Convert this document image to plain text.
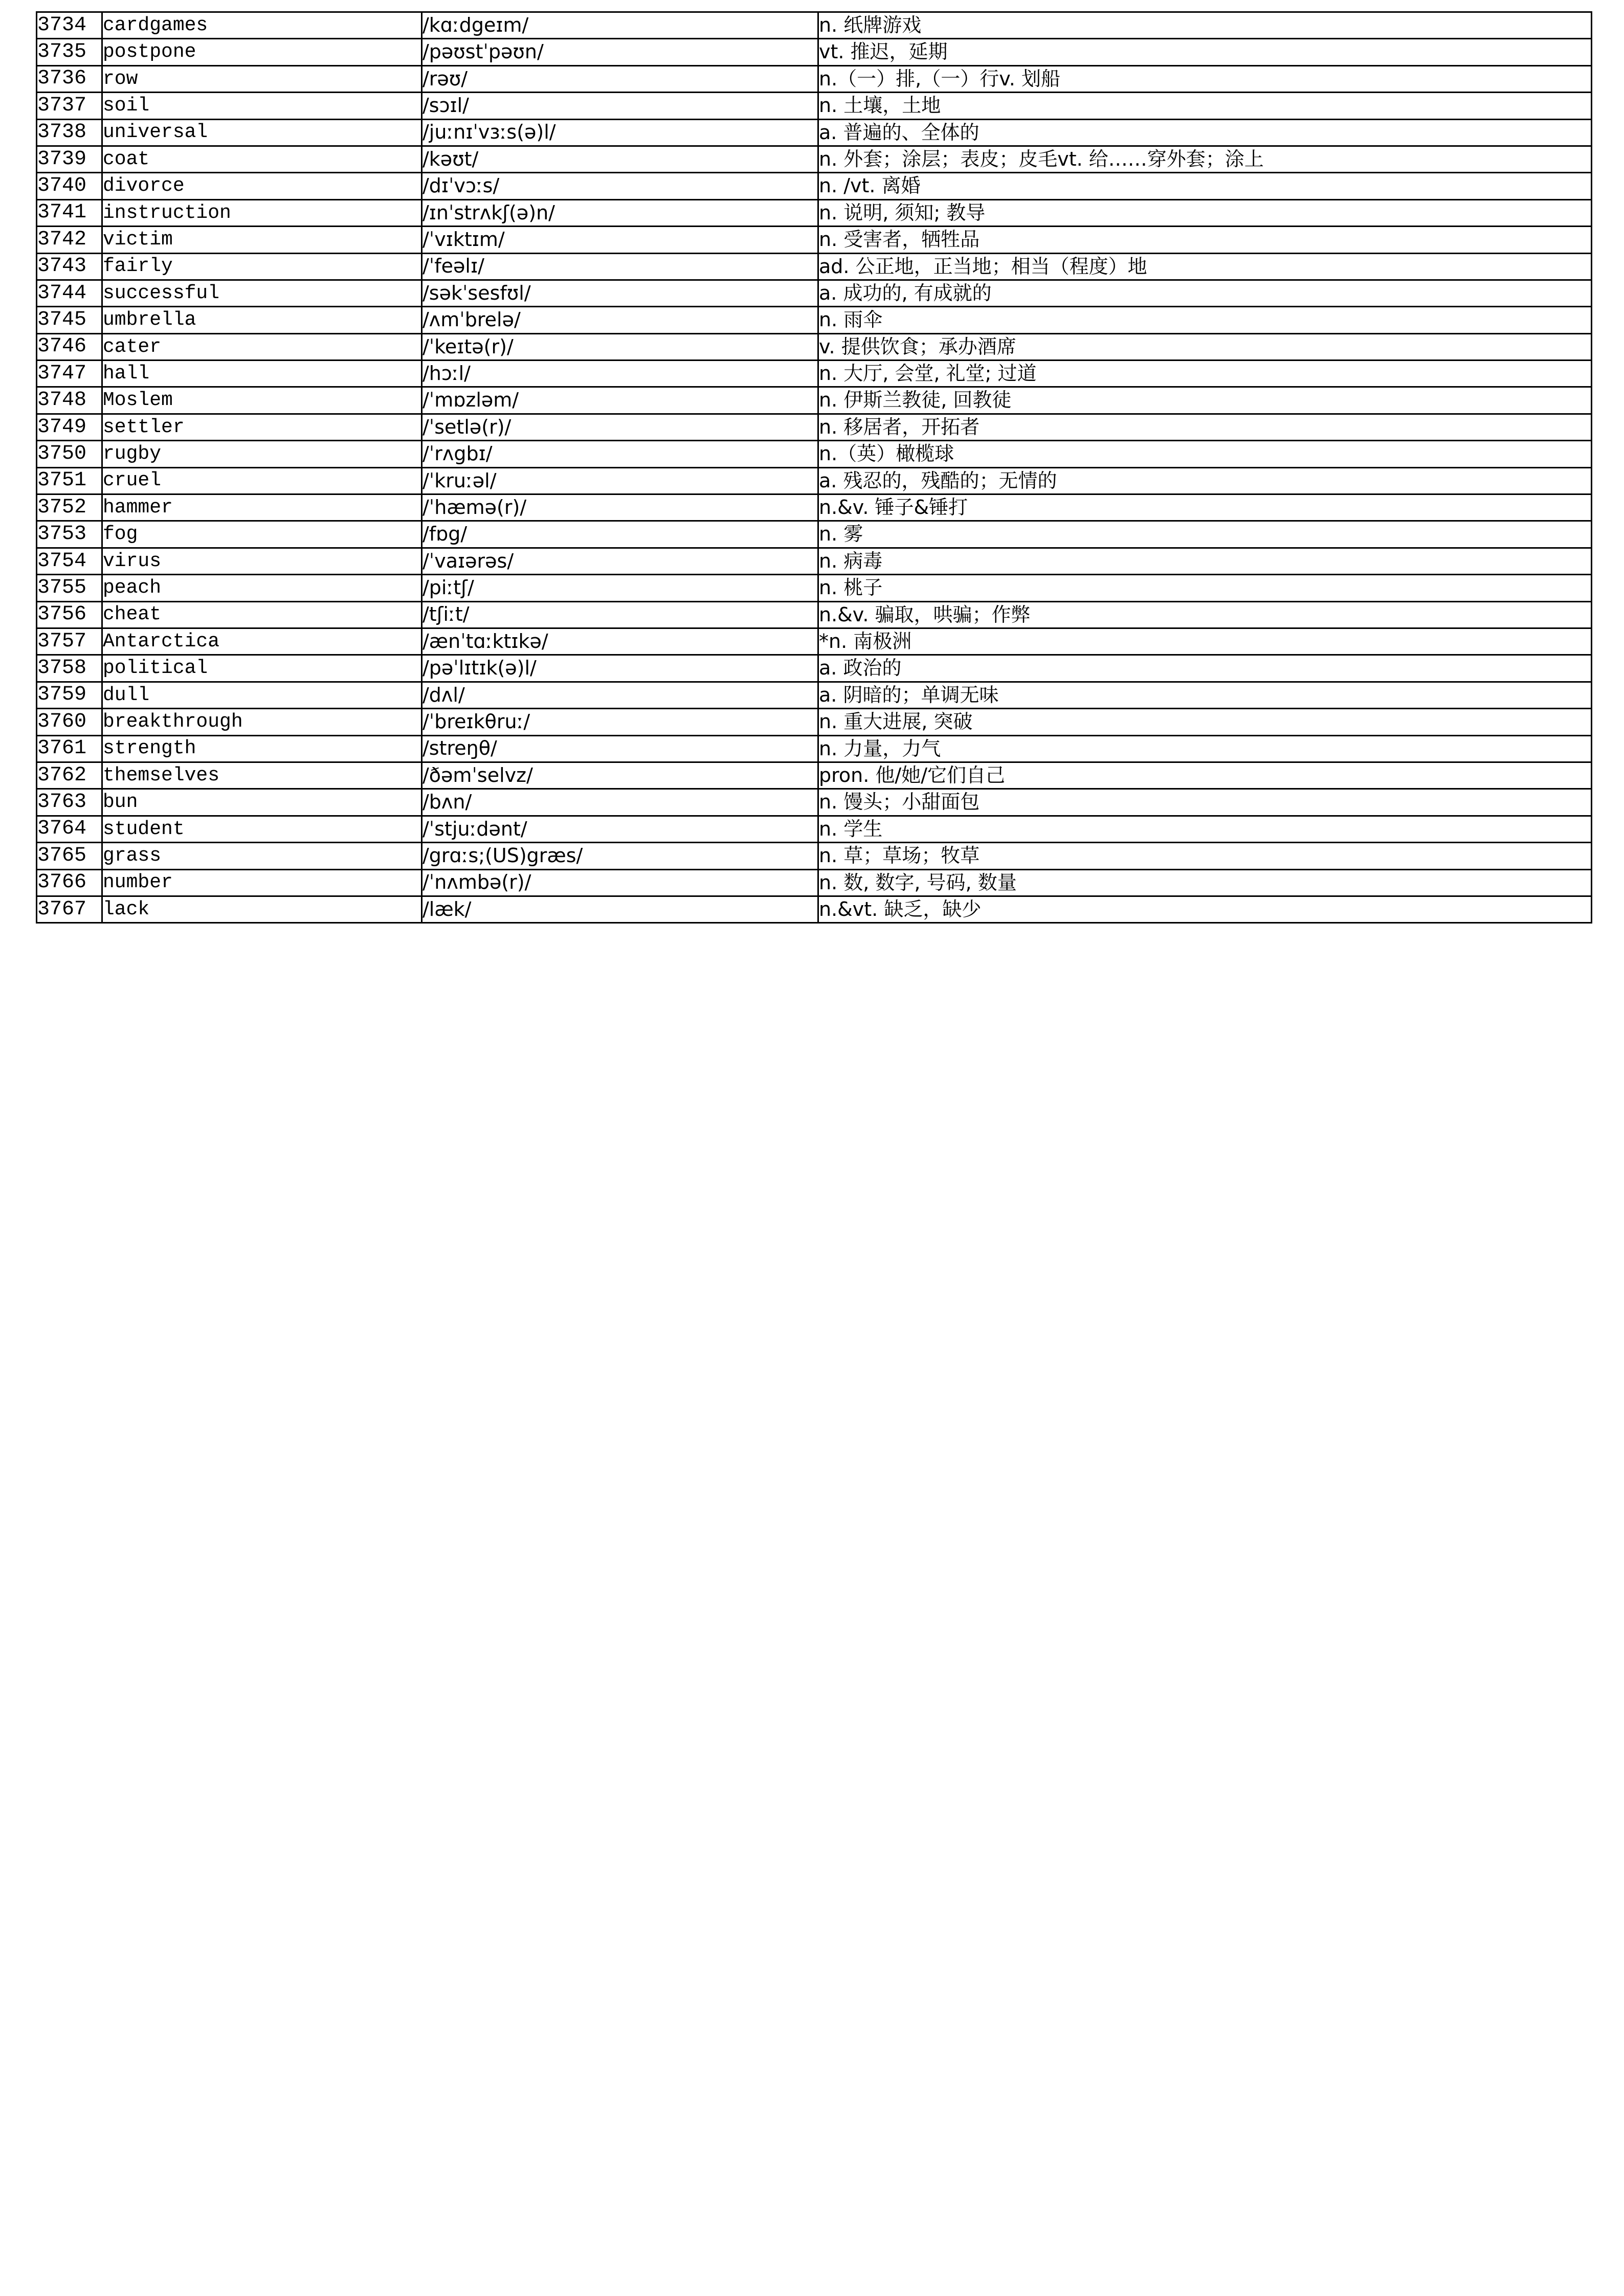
3734	cardgames	/kɑːdgeɪm/	n. 纸牌游戏
3735	postpone	/pəʊstˈpəʊn/	vt. 推迟，延期
3736	row	/rəʊ/	n.（一）排,（一）行v. 划船
3737	soil	/sɔɪl/	n. 土壤，土地
3738	universal	/juːnɪˈvɜːs(ə)l/	a. 普遍的、全体的
3739	coat	/kəʊt/	n. 外套；涂层；表皮；皮毛vt. 给……穿外套；涂上
3740	divorce	/dɪˈvɔːs/	n. /vt. 离婚
3741	instruction	/ɪnˈstrʌkʃ(ə)n/	n. 说明, 须知; 教导
3742	victim	/ˈvɪktɪm/	n. 受害者，牺牲品
3743	fairly	/ˈfeəlɪ/	ad. 公正地，正当地；相当（程度）地
3744	successful	/səkˈsesfʊl/	a. 成功的, 有成就的
3745	umbrella	/ʌmˈbrelə/	n. 雨伞
3746	cater	/ˈkeɪtə(r)/	v. 提供饮食；承办酒席
3747	hall	/hɔːl/	n. 大厅, 会堂, 礼堂; 过道
3748	Moslem	/ˈmɒzləm/	n. 伊斯兰教徒, 回教徒
3749	settler	/ˈsetlə(r)/	n. 移居者，开拓者
3750	rugby	/ˈrʌgbɪ/	n.（英）橄榄球
3751	cruel	/ˈkruːəl/	a. 残忍的，残酷的；无情的
3752	hammer	/ˈhæmə(r)/	n.&v. 锤子&锤打
3753	fog	/fɒg/	n. 雾
3754	virus	/ˈvaɪərəs/	n. 病毒
3755	peach	/piːtʃ/	n. 桃子
3756	cheat	/tʃiːt/	n.&v. 骗取，哄骗；作弊
3757	Antarctica	/ænˈtɑːktɪkə/	*n. 南极洲
3758	political	/pəˈlɪtɪk(ə)l/	a. 政治的
3759	dull	/dʌl/	a. 阴暗的；单调无味
3760	breakthrough	/ˈbreɪkθruː/	n. 重大进展, 突破
3761	strength	/streŋθ/	n. 力量，力气
3762	themselves	/ðəmˈselvz/	pron. 他/她/它们自己
3763	bun	/bʌn/	n. 馒头；小甜面包
3764	student	/ˈstjuːdənt/	n. 学生
3765	grass	/grɑːs;(US)græs/	n. 草；草场；牧草
3766	number	/ˈnʌmbə(r)/	n. 数, 数字, 号码, 数量
3767	lack	/læk/	n.&vt. 缺乏，缺少
